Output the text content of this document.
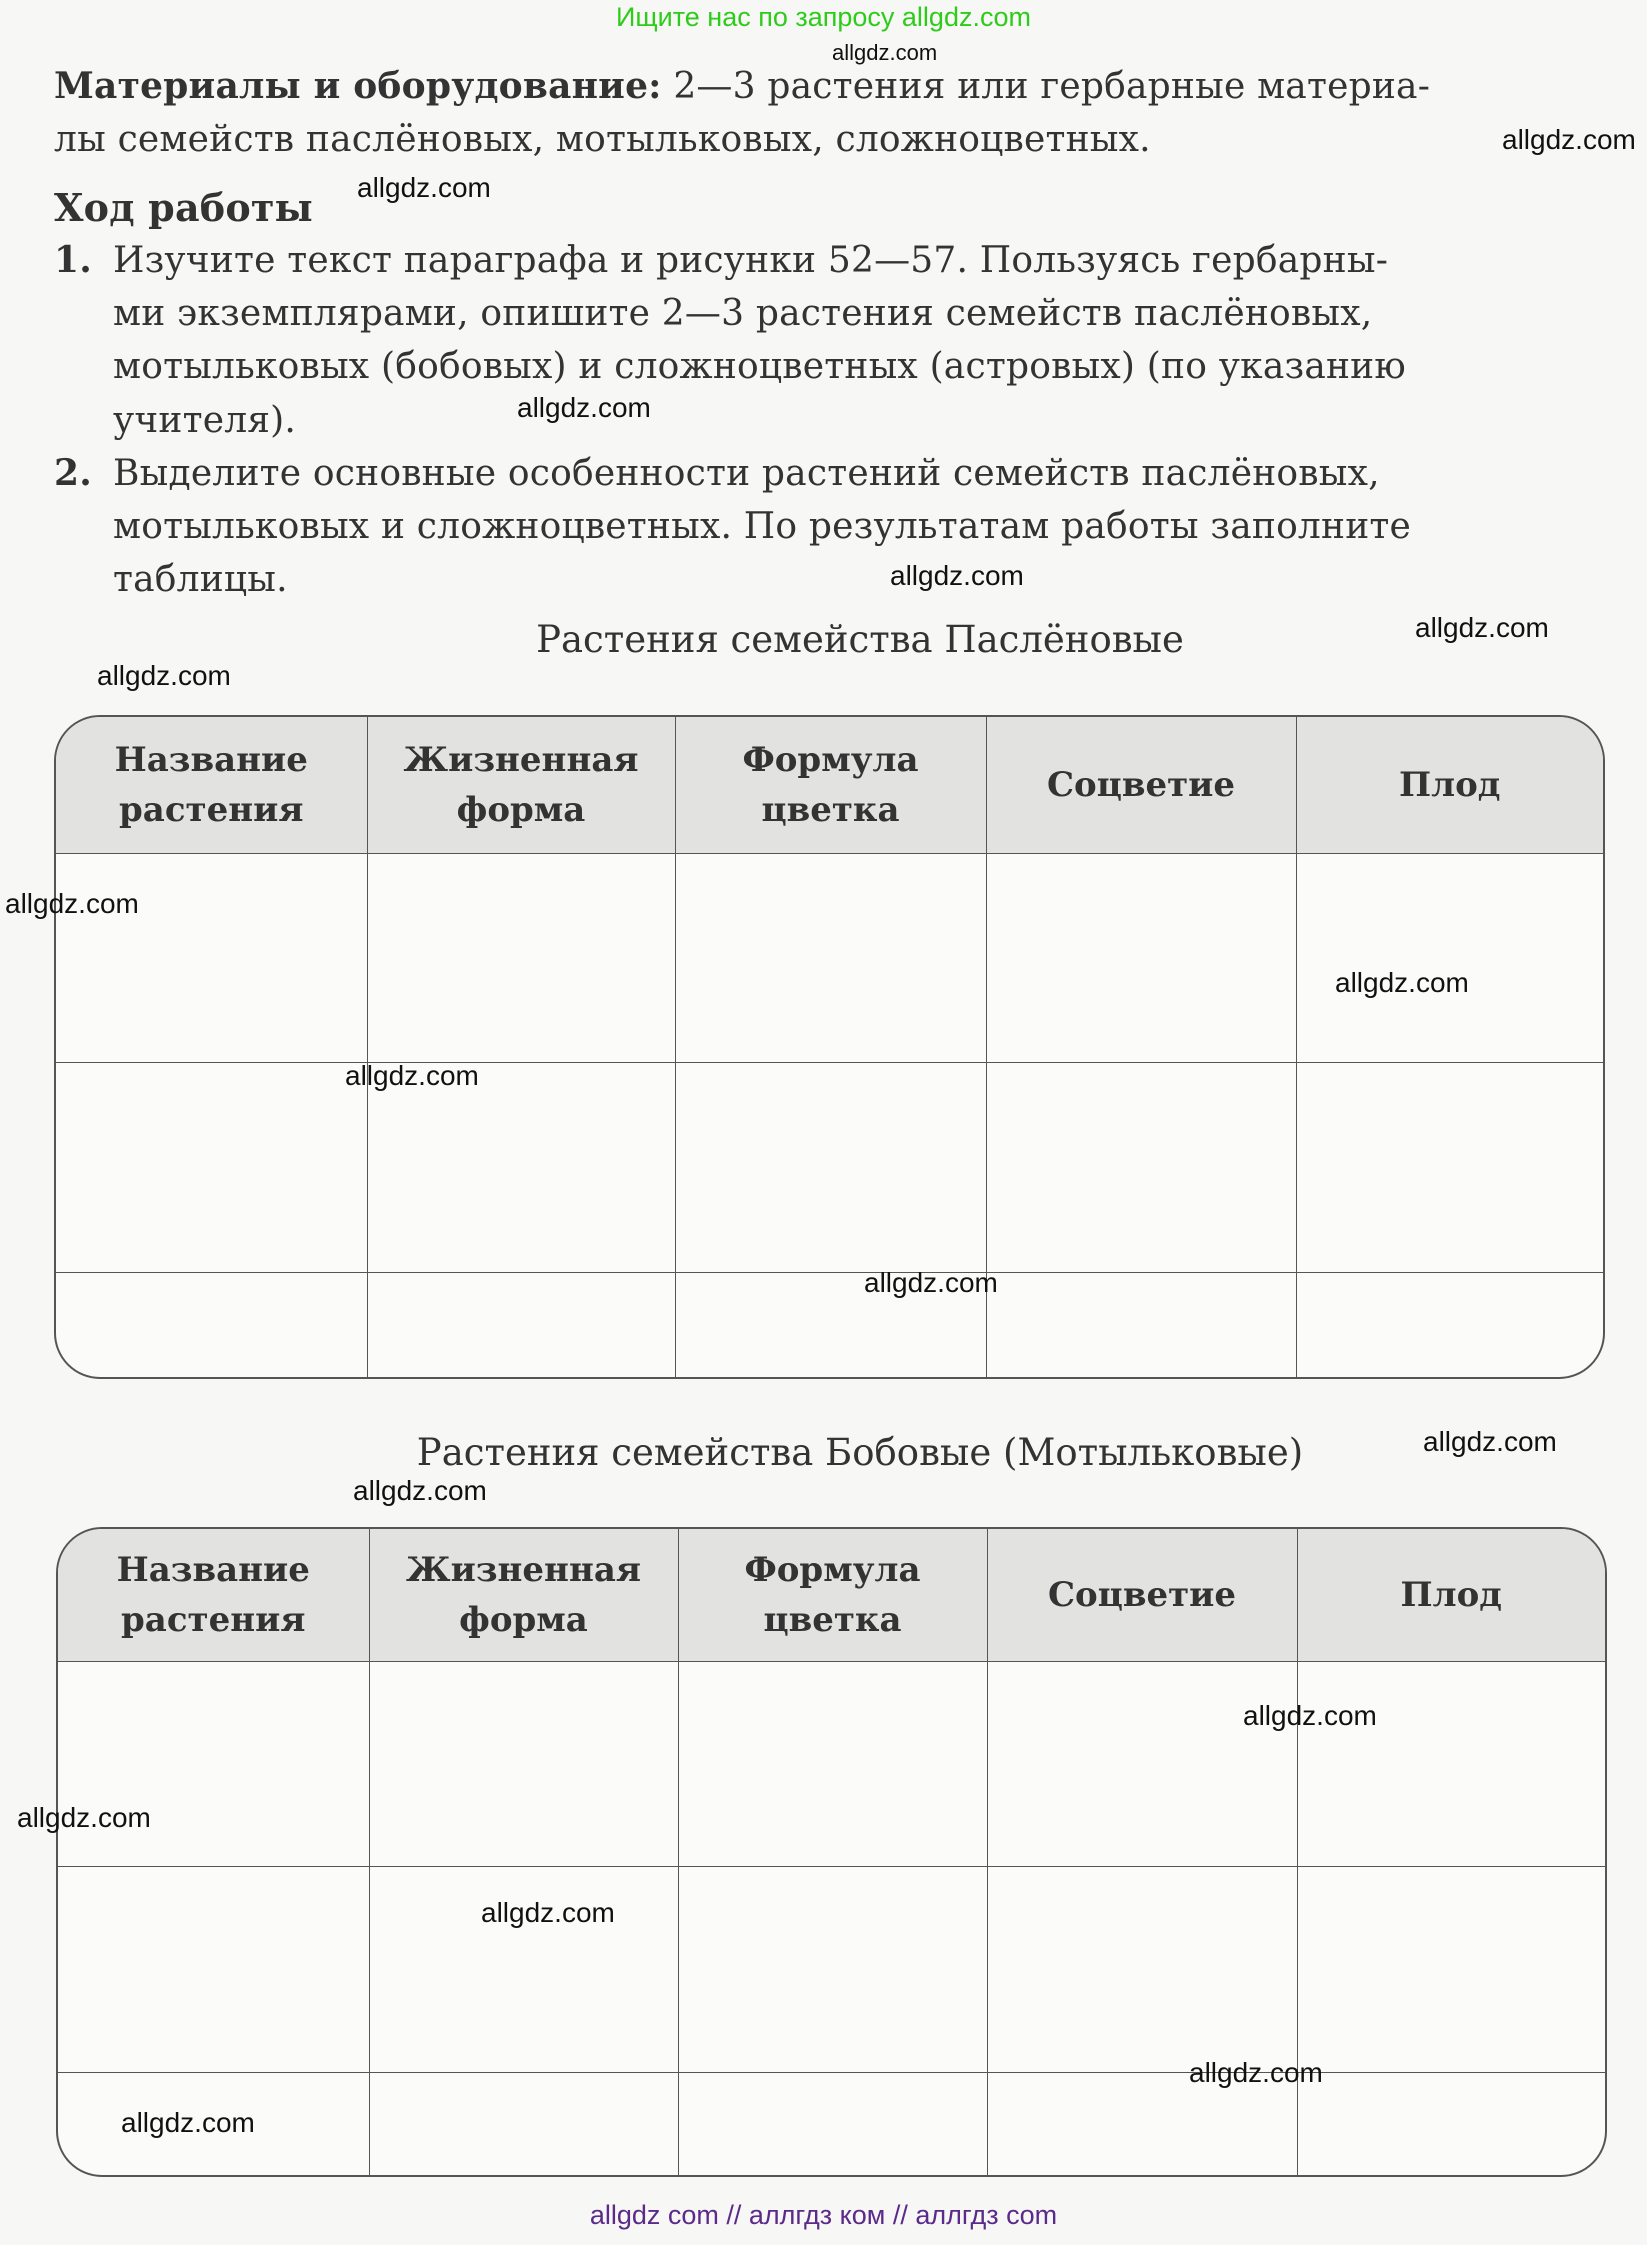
Ищите нас по запросу allgdz.com
allgdz.com
allgdz.com
allgdz.com
allgdz.com
allgdz.com
allgdz.com
allgdz.com
allgdz.com
allgdz.com
allgdz.com
allgdz.com
allgdz.com
allgdz.com
allgdz.com
allgdz.com
allgdz.com
allgdz.com
allgdz.com
Материалы и оборудование: 2—3 растения или гербарные материа-
лы семейств паслёновых, мотыльковых, сложноцветных.
Ход работы
1. Изучите текст параграфа и рисунки 52—57. Пользуясь гербарны-
ми экземплярами, опишите 2—3 растения семейств паслёновых,
мотыльковых (бобовых) и сложноцветных (астровых) (по указанию
учителя).
2. Выделите основные особенности растений семейств паслёновых,
мотыльковых и сложноцветных. По результатам работы заполните
таблицы.
Растения семейства Паслёновые
Название
растения	Жизненная
форма	Формула
цветка	Соцветие	Плод

Растения семейства Бобовые (Мотыльковые)
Название
растения	Жизненная
форма	Формула
цветка	Соцветие	Плод

allgdz com // аллгдз ком // аллгдз com
